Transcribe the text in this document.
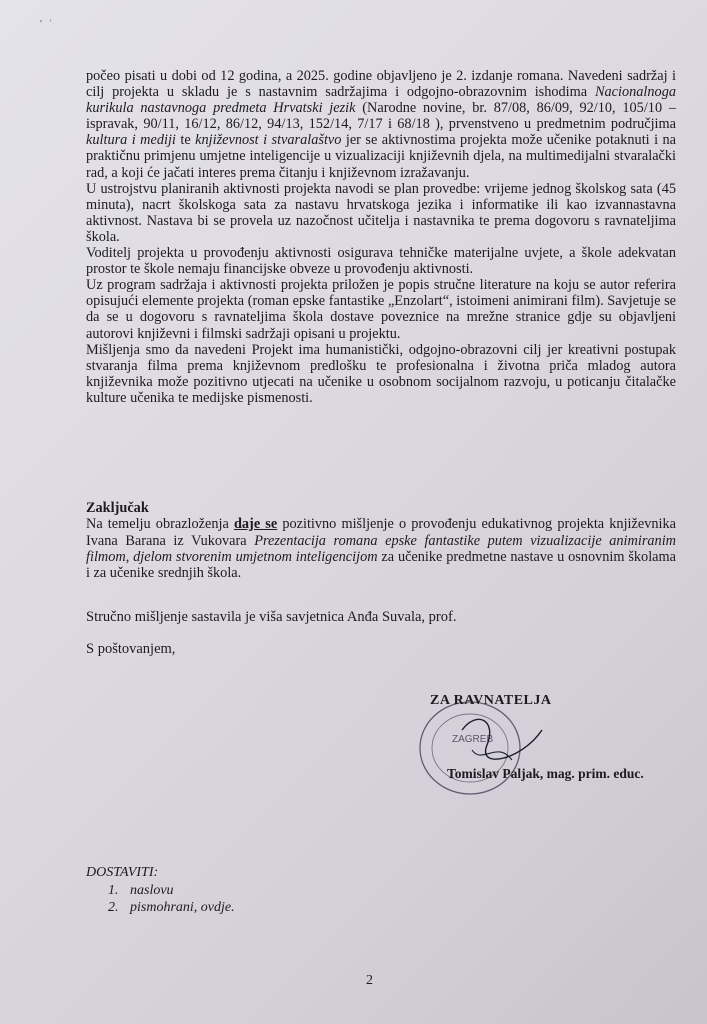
' ʿ

počeo pisati u dobi od 12 godina, a 2025. godine objavljeno je 2. izdanje romana. Navedeni sadržaj i cilj projekta u skladu je s nastavnim sadržajima i odgojno-obrazovnim ishodima Nacionalnoga kurikula nastavnoga predmeta Hrvatski jezik (Narodne novine, br. 87/08, 86/09, 92/10, 105/10 – ispravak, 90/11, 16/12, 86/12, 94/13, 152/14, 7/17 i 68/18 ), prvenstveno u predmetnim područjima kultura i mediji te književnost i stvaralaštvo jer se aktivnostima projekta može učenike potaknuti i na praktičnu primjenu umjetne inteligencije u vizualizaciji književnih djela, na multimedijalni stvaralački rad, a koji će jačati interes prema čitanju i književnom izražavanju.

U ustrojstvu planiranih aktivnosti projekta navodi se plan provedbe: vrijeme jednog školskog sata (45 minuta), nacrt školskoga sata za nastavu hrvatskoga jezika i informatike ili kao izvannastavna aktivnost. Nastava bi se provela uz nazočnost učitelja i nastavnika te prema dogovoru s ravnateljima škola.

Voditelj projekta u provođenju aktivnosti osigurava tehničke materijalne uvjete, a škole adekvatan prostor te škole nemaju financijske obveze u provođenju aktivnosti.

Uz program sadržaja i aktivnosti projekta priložen je popis stručne literature na koju se autor referira opisujući elemente projekta (roman epske fantastike „Enzolart“, istoimeni animirani film). Savjetuje se da se u dogovoru s ravnateljima škola dostave poveznice na mrežne stranice gdje su objavljeni autorovi književni i filmski sadržaji opisani u projektu.

Mišljenja smo da navedeni Projekt ima humanistički, odgojno-obrazovni cilj jer kreativni postupak stvaranja filma prema književnom predlošku te profesionalna i životna priča mladog autora književnika može pozitivno utjecati na učenike u osobnom socijalnom razvoju, u poticanju čitalačke kulture učenika te medijske pismenosti.

Zaključak

Na temelju obrazloženja daje se pozitivno mišljenje o provođenju edukativnog projekta književnika Ivana Barana iz Vukovara Prezentacija romana epske fantastike putem vizualizacije animiranim filmom, djelom stvorenim umjetnom inteligencijom za učenike predmetne nastave u osnovnim školama i za učenike srednjih škola.

Stručno mišljenje sastavila je viša savjetnica Anđa Suvala, prof.
S poštovanjem,
ZAGREB
ZA RAVNATELJA
Tomislav Paljak, mag. prim. educ.
DOSTAVITI:
1. naslovu
2. pismohrani, ovdje.
2
